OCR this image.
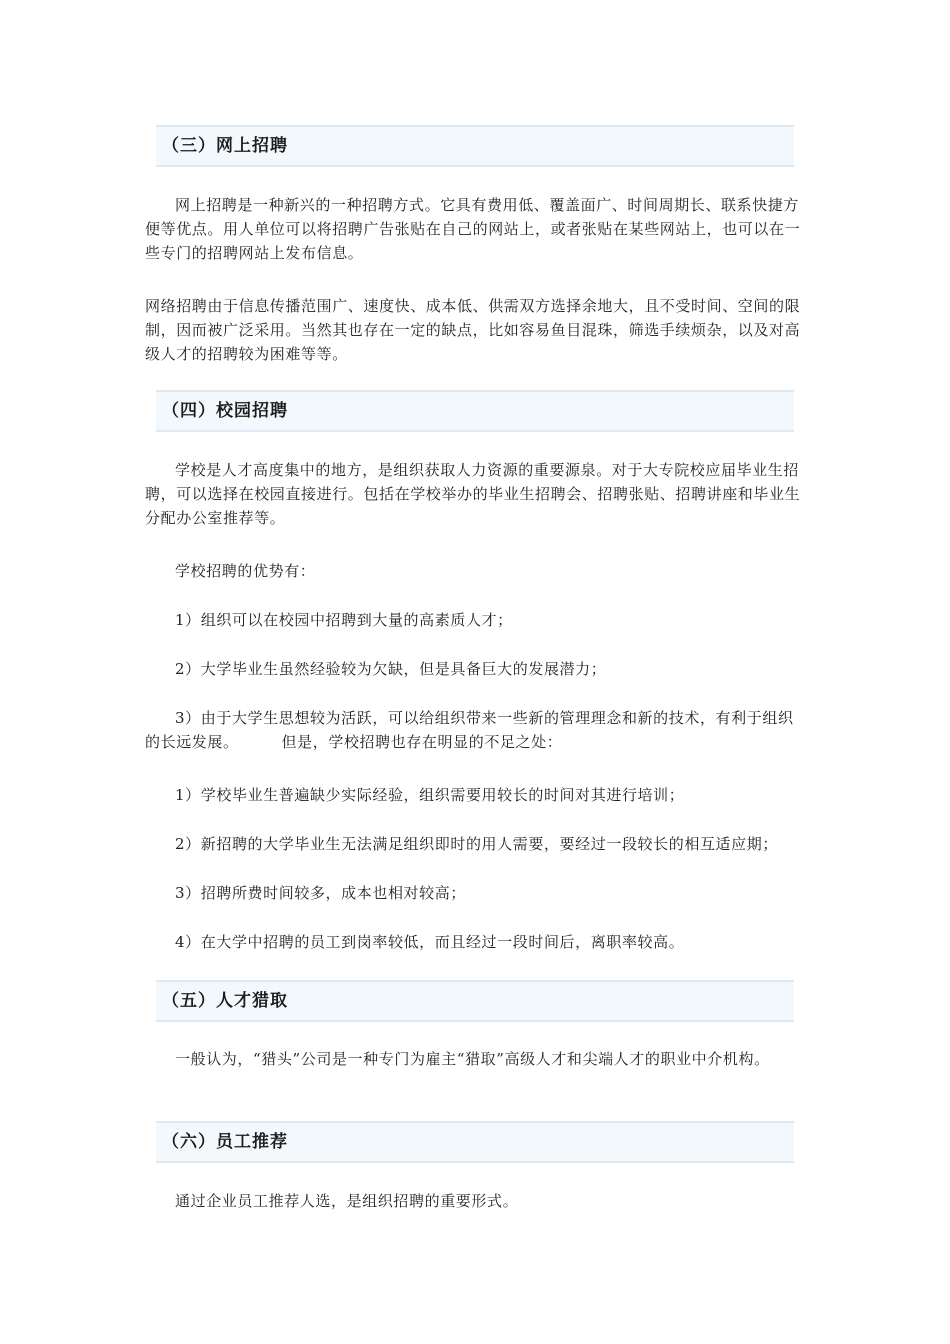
（三）网上招聘
网上招聘是一种新兴的一种招聘方式。它具有费用低、覆盖面广、时间周期长、联系快捷方便等优点。用人单位可以将招聘广告张贴在自己的网站上，或者张贴在某些网站上，也可以在一些专门的招聘网站上发布信息。
网络招聘由于信息传播范围广、速度快、成本低、供需双方选择余地大，且不受时间、空间的限制，因而被广泛采用。当然其也存在一定的缺点，比如容易鱼目混珠，筛选手续烦杂，以及对高级人才的招聘较为困难等等。
（四）校园招聘
学校是人才高度集中的地方，是组织获取人力资源的重要源泉。对于大专院校应届毕业生招聘，可以选择在校园直接进行。包括在学校举办的毕业生招聘会、招聘张贴、招聘讲座和毕业生分配办公室推荐等。
学校招聘的优势有：
1）组织可以在校园中招聘到大量的高素质人才；
2）大学毕业生虽然经验较为欠缺，但是具备巨大的发展潜力；
3）由于大学生思想较为活跃，可以给组织带来一些新的管理理念和新的技术，有利于组织的长远发展。        但是，学校招聘也存在明显的不足之处：
1）学校毕业生普遍缺少实际经验，组织需要用较长的时间对其进行培训；
2）新招聘的大学毕业生无法满足组织即时的用人需要，要经过一段较长的相互适应期；
3）招聘所费时间较多，成本也相对较高；
4）在大学中招聘的员工到岗率较低，而且经过一段时间后，离职率较高。
（五）人才猎取
一般认为，“猎头”公司是一种专门为雇主“猎取”高级人才和尖端人才的职业中介机构。
（六）员工推荐
通过企业员工推荐人选，是组织招聘的重要形式。
